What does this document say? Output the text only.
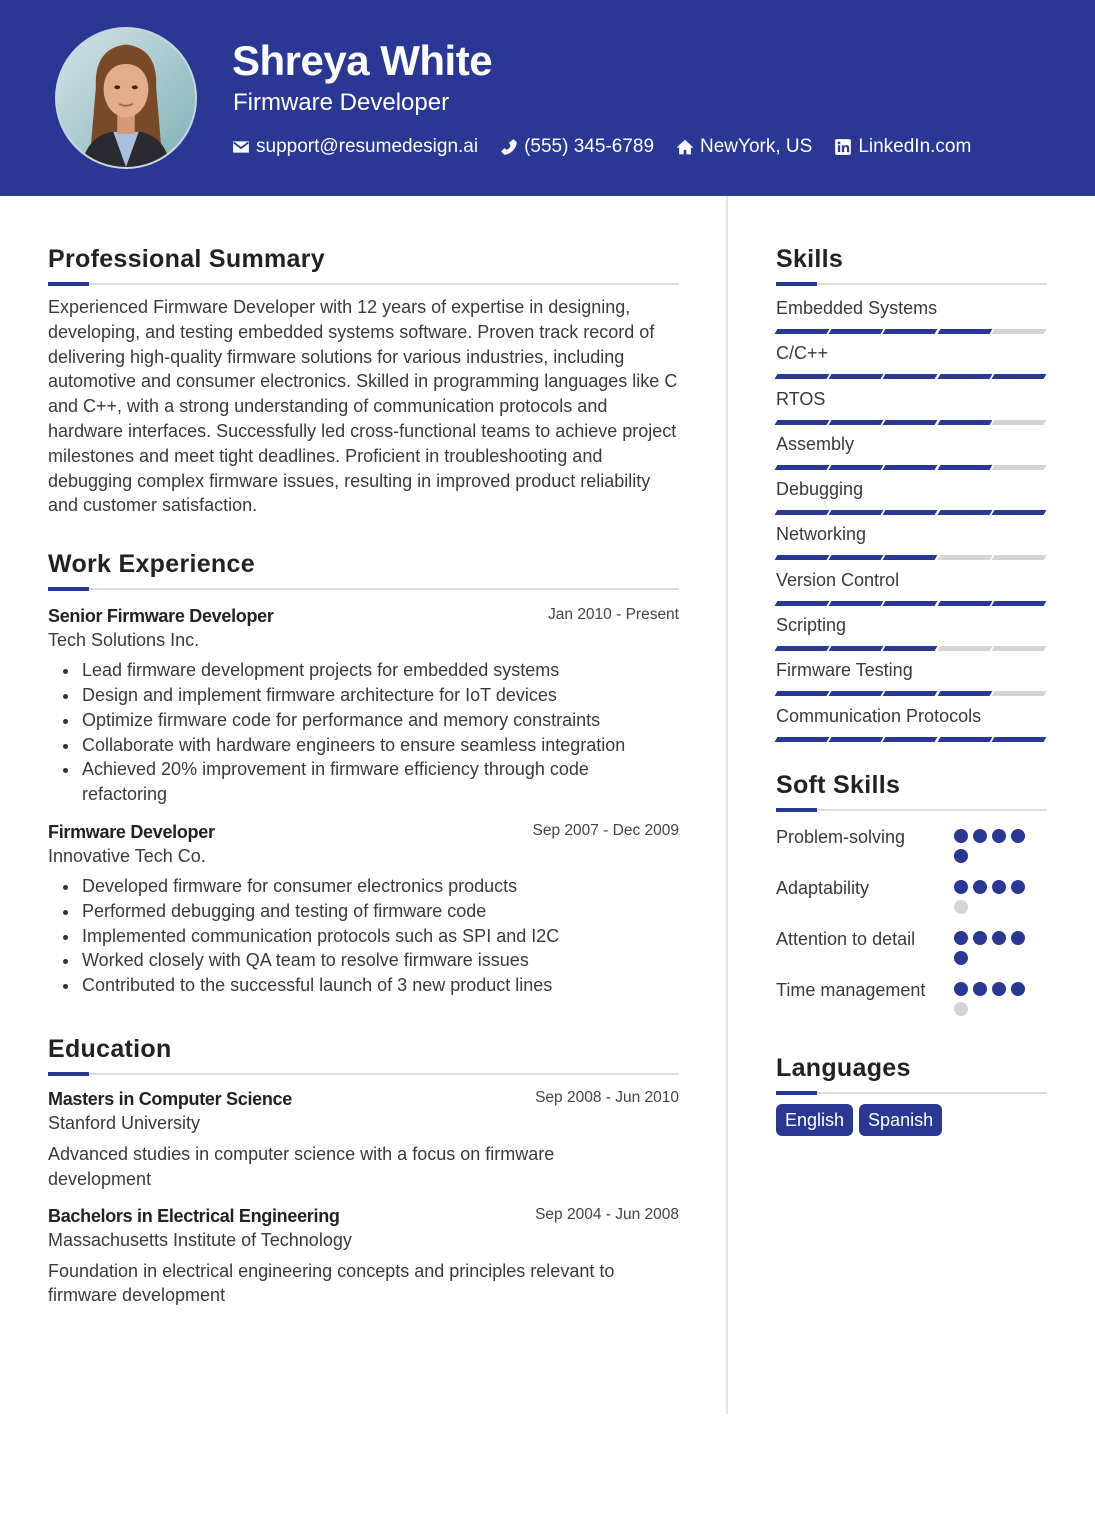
Shreya White
Firmware Developer
support@resumedesign.ai (555) 345-6789 NewYork, US LinkedIn.com
Professional Summary

Experienced Firmware Developer with 12 years of expertise in designing, developing, and testing embedded systems software. Proven track record of delivering high-quality firmware solutions for various industries, including automotive and consumer electronics. Skilled in programming languages like C and C++, with a strong understanding of communication protocols and hardware interfaces. Successfully led cross-functional teams to achieve project milestones and meet tight deadlines. Proficient in troubleshooting and debugging complex firmware issues, resulting in improved product reliability and customer satisfaction.

Work Experience
Senior Firmware Developer	Jan 2010 - Present
Tech Solutions Inc.
Lead firmware development projects for embedded systems
Design and implement firmware architecture for IoT devices
Optimize firmware code for performance and memory constraints
Collaborate with hardware engineers to ensure seamless integration
Achieved 20% improvement in firmware efficiency through code refactoring
Firmware Developer	Sep 2007 - Dec 2009
Innovative Tech Co.
Developed firmware for consumer electronics products
Performed debugging and testing of firmware code
Implemented communication protocols such as SPI and I2C
Worked closely with QA team to resolve firmware issues
Contributed to the successful launch of 3 new product lines
Education
Masters in Computer Science	Sep 2008 - Jun 2010
Stanford University

Advanced studies in computer science with a focus on firmware development

Bachelors in Electrical Engineering	Sep 2004 - Jun 2008
Massachusetts Institute of Technology

Foundation in electrical engineering concepts and principles relevant to firmware development

Skills
Embedded Systems
C/C++
RTOS
Assembly
Debugging
Networking
Version Control
Scripting
Firmware Testing
Communication Protocols
Soft Skills
Problem-solving
Adaptability
Attention to detail
Time management
Languages
English	Spanish
